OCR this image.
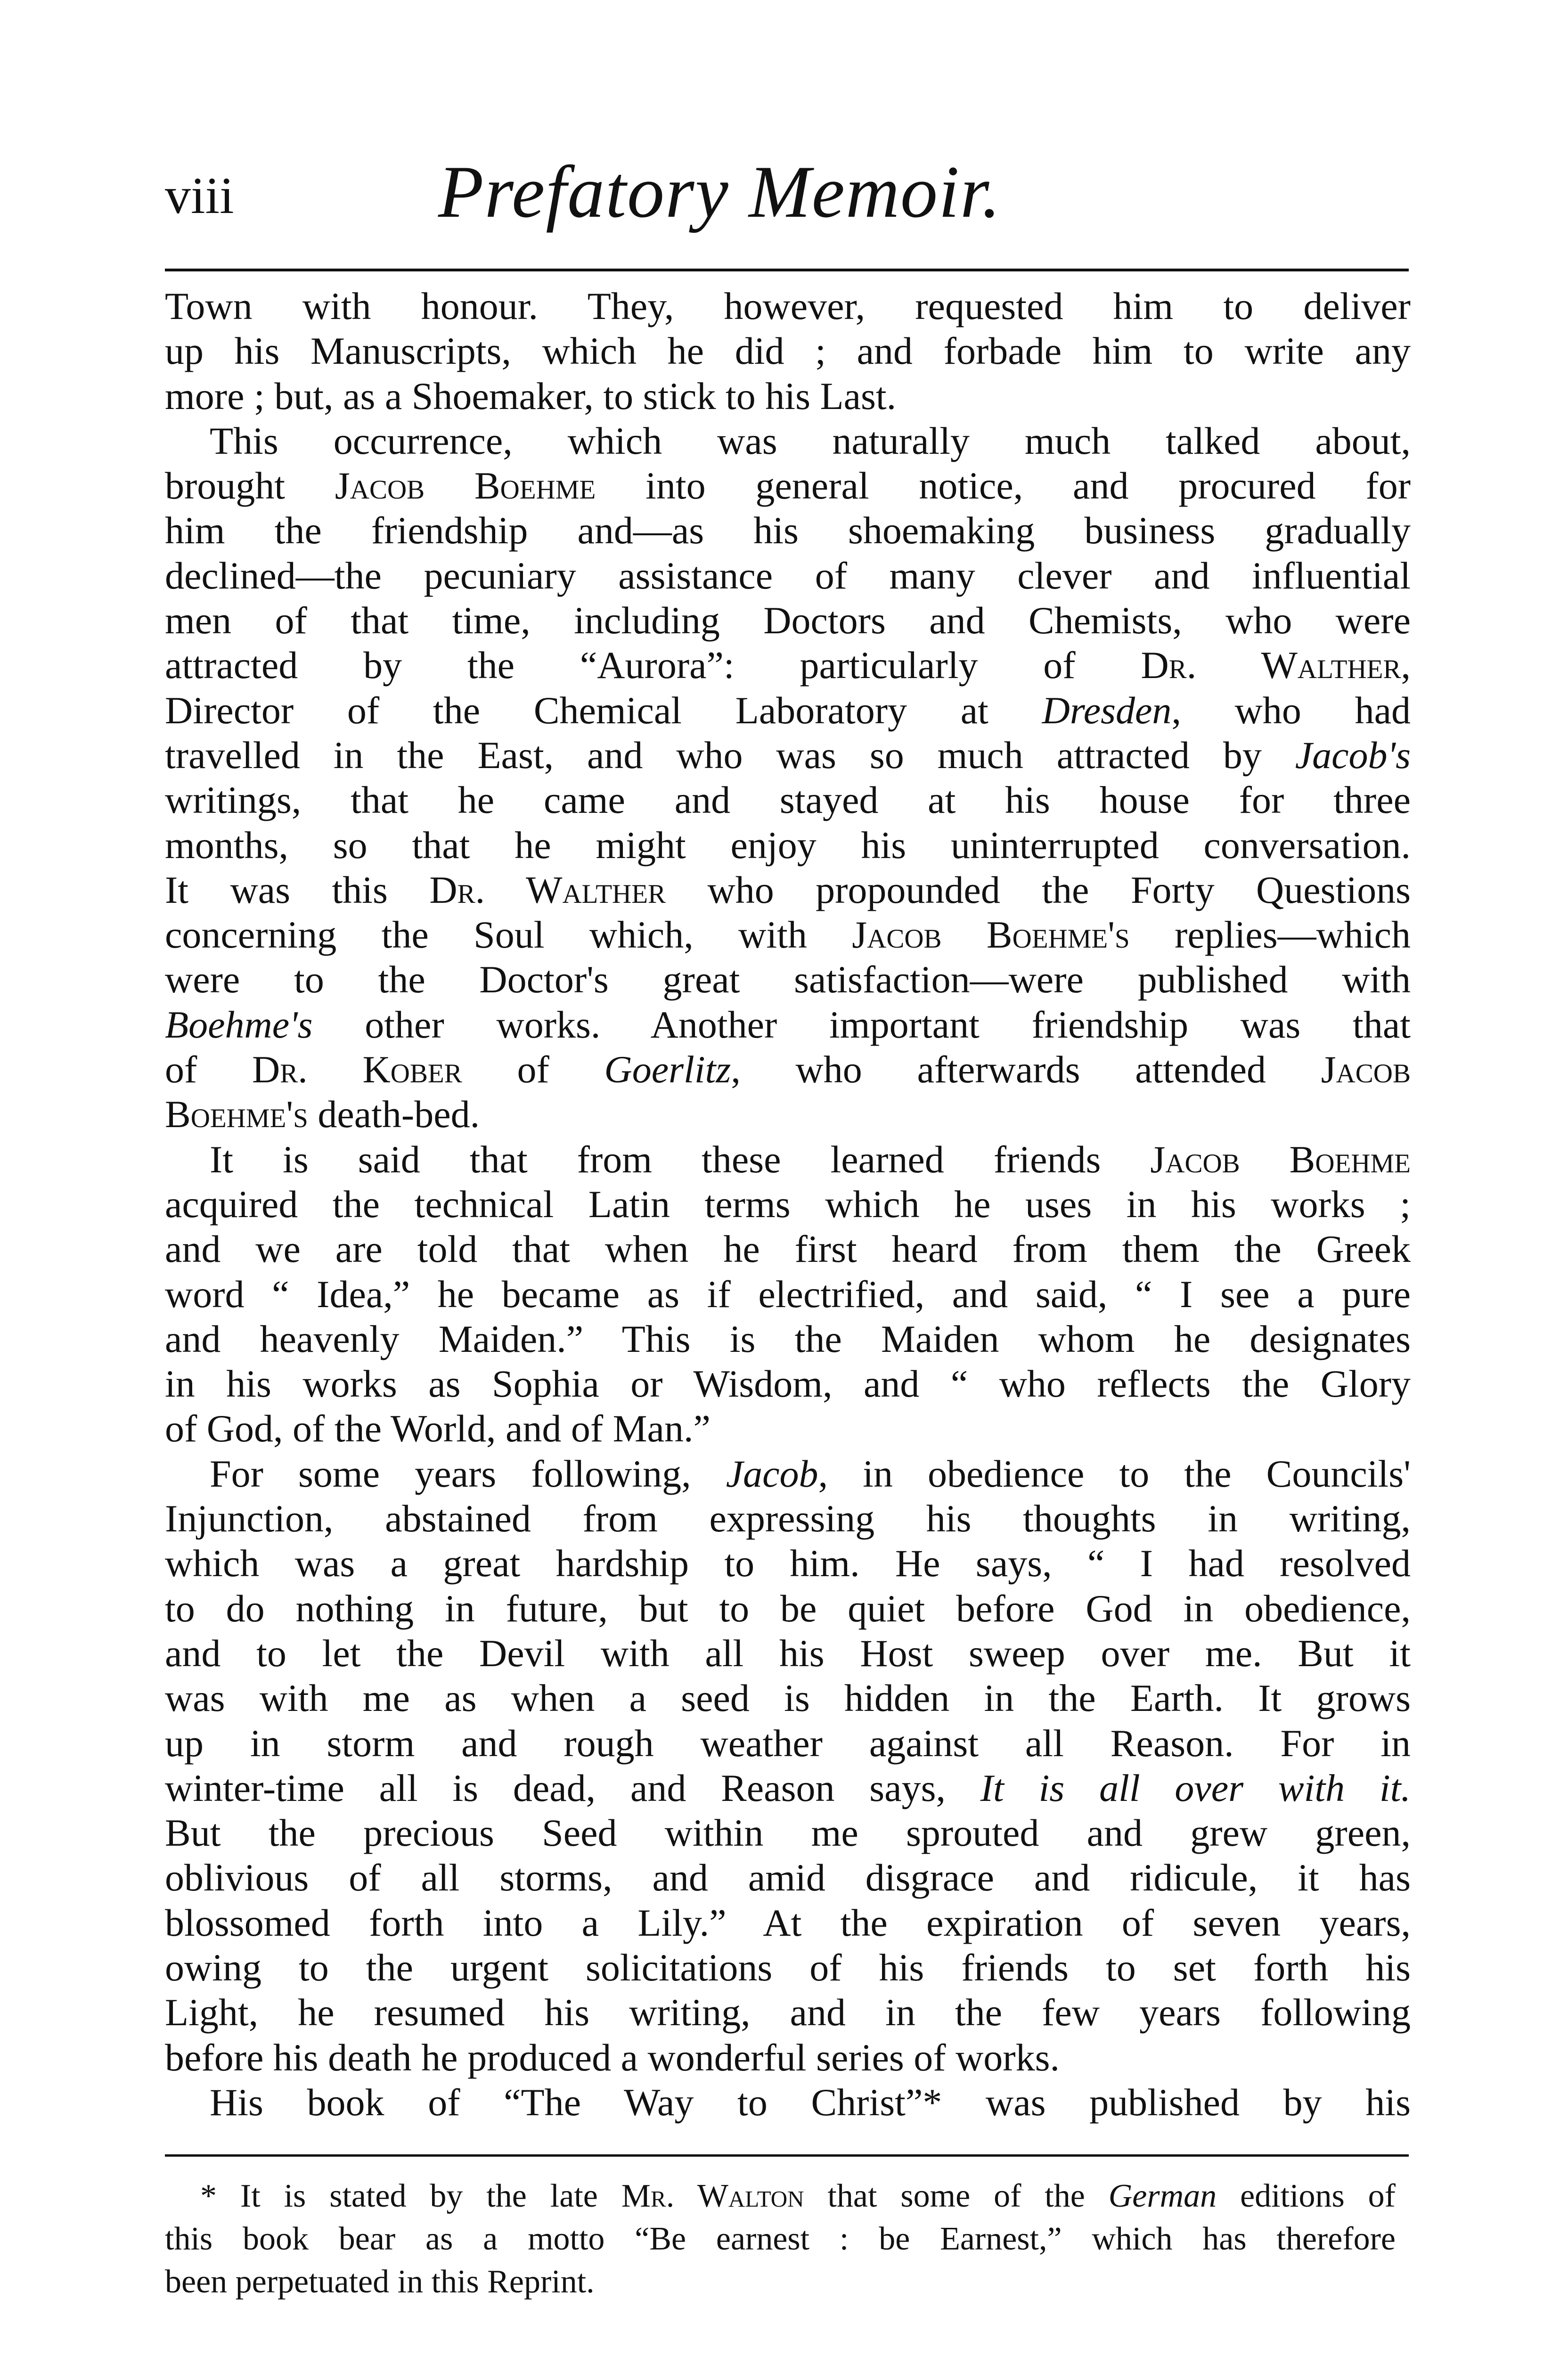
viii	Prefatory Memoir.
Town with honour. They, however, requested him to deliver
up his Manuscripts, which he did ; and forbade him to write any
more ; but, as a Shoemaker, to stick to his Last.
This occurrence, which was naturally much talked about,
brought Jacob Boehme into general notice, and procured for
him the friendship and—as his shoemaking business gradually
declined—the pecuniary assistance of many clever and influential
men of that time, including Doctors and Chemists, who were
attracted by the “Aurora”: particularly of Dr. Walther,
Director of the Chemical Laboratory at Dresden, who had
travelled in the East, and who was so much attracted by Jacob's
writings, that he came and stayed at his house for three
months, so that he might enjoy his uninterrupted conversation.
It was this Dr. Walther who propounded the Forty Questions
concerning the Soul which, with Jacob Boehme's replies—which
were to the Doctor's great satisfaction—were published with
Boehme's other works. Another important friendship was that
of Dr. Kober of Goerlitz, who afterwards attended Jacob
Boehme's death-bed.
It is said that from these learned friends Jacob Boehme
acquired the technical Latin terms which he uses in his works ;
and we are told that when he first heard from them the Greek
word “ Idea,” he became as if electrified, and said, “ I see a pure
and heavenly Maiden.” This is the Maiden whom he designates
in his works as Sophia or Wisdom, and “ who reflects the Glory
of God, of the World, and of Man.”
For some years following, Jacob, in obedience to the Councils'
Injunction, abstained from expressing his thoughts in writing,
which was a great hardship to him. He says, “ I had resolved
to do nothing in future, but to be quiet before God in obedience,
and to let the Devil with all his Host sweep over me. But it
was with me as when a seed is hidden in the Earth. It grows
up in storm and rough weather against all Reason. For in
winter-time all is dead, and Reason says, It is all over with it.
But the precious Seed within me sprouted and grew green,
oblivious of all storms, and amid disgrace and ridicule, it has
blossomed forth into a Lily.” At the expiration of seven years,
owing to the urgent solicitations of his friends to set forth his
Light, he resumed his writing, and in the few years following
before his death he produced a wonderful series of works.
His book of “The Way to Christ”* was published by his
* It is stated by the late Mr. Walton that some of the German editions of
this book bear as a motto “Be earnest : be Earnest,” which has therefore
been perpetuated in this Reprint.
